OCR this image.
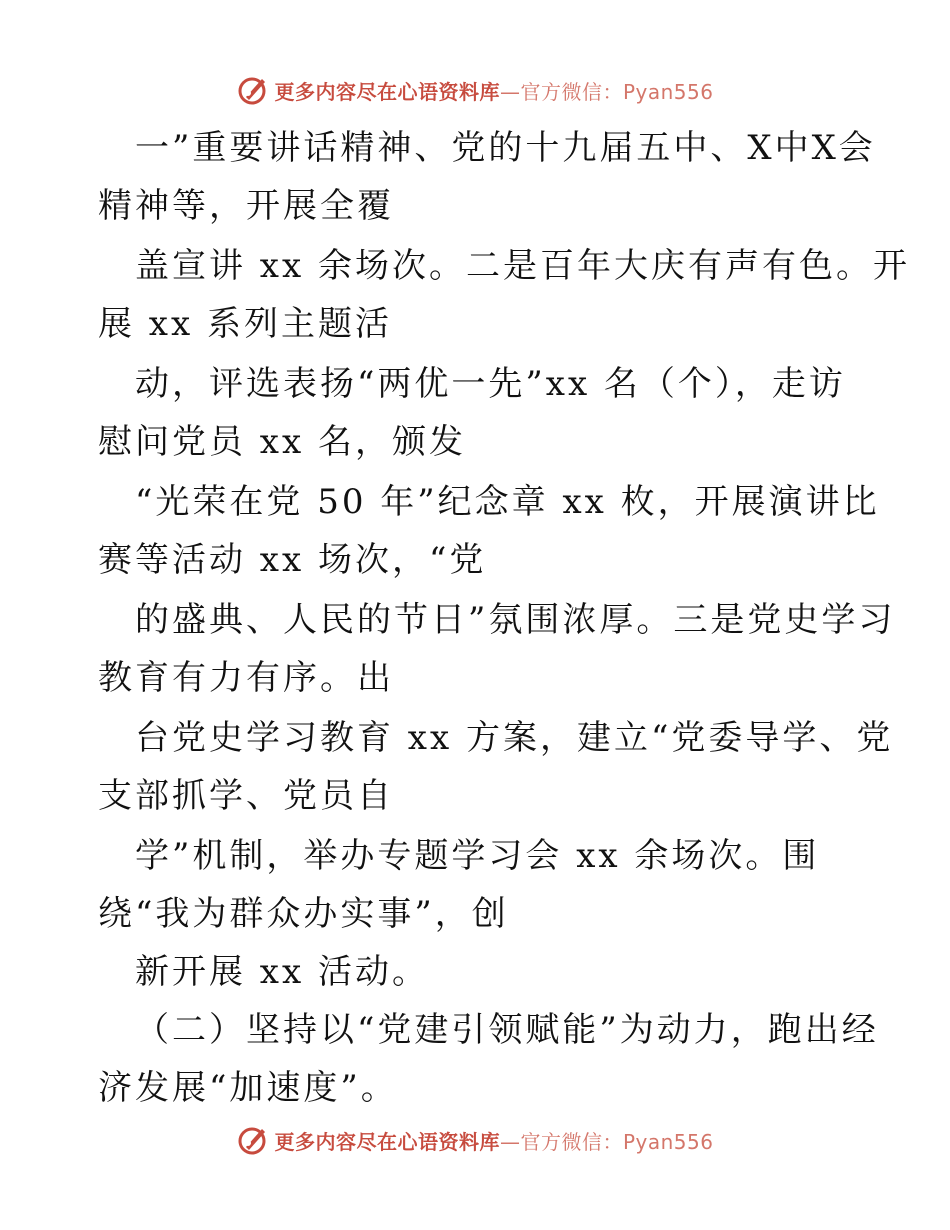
更多内容尽在心语资料库—官方微信：Pyan556
一”重要讲话精神、党的十九届五中、X中X会
精神等，开展全覆
盖宣讲 xx 余场次。二是百年大庆有声有色。开
展 xx 系列主题活
动，评选表扬“两优一先”xx 名（个），走访
慰问党员 xx 名，颁发
“光荣在党 50 年”纪念章 xx 枚，开展演讲比
赛等活动 xx 场次，“党
的盛典、人民的节日”氛围浓厚。三是党史学习
教育有力有序。出
台党史学习教育 xx 方案，建立“党委导学、党
支部抓学、党员自
学”机制，举办专题学习会 xx 余场次。围
绕“我为群众办实事”，创
新开展 xx 活动。
（二）坚持以“党建引领赋能”为动力，跑出经
济发展“加速度”。
更多内容尽在心语资料库—官方微信：Pyan556
